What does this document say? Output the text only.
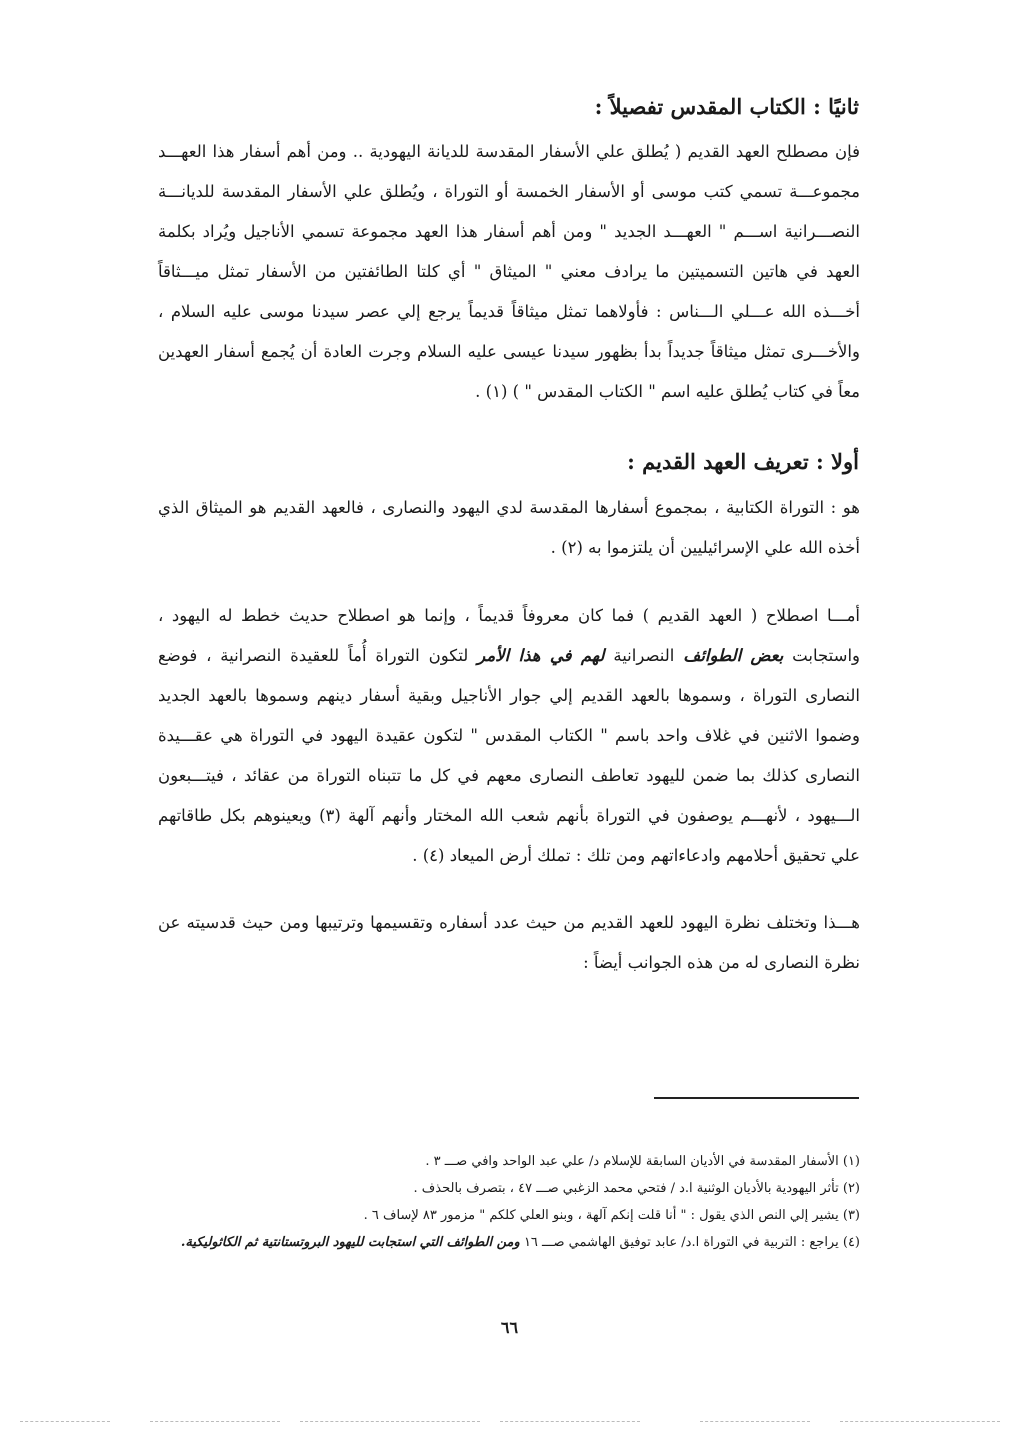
ثانيًا : الكتاب المقدس تفصيلاً :
فإن مصطلح العهد القديم ( يُطلق علي الأسفار المقدسة للديانة اليهودية .. ومن أهم أسفار هذا العهـــد مجموعـــة تسمي كتب موسى أو الأسفار الخمسة أو التوراة ، ويُطلق علي الأسفار المقدسة للديانـــة النصـــرانية اســـم " العهـــد الجديد " ومن أهم أسفار هذا العهد مجموعة تسمي الأناجيل ويُراد بكلمة العهد في هاتين التسميتين ما يرادف معني " الميثاق " أي كلتا الطائفتين من الأسفار تمثل ميـــثاقاً أخـــذه الله عـــلي الـــناس : فأولاهما تمثل ميثاقاً قديماً يرجع إلي عصر سيدنا موسى عليه السلام ، والأخـــرى تمثل ميثاقاً جديداً بدأ بظهور سيدنا عيسى عليه السلام وجرت العادة أن يُجمع أسفار العهدين معاً في كتاب يُطلق عليه اسم " الكتاب المقدس " ) (١) .
أولا : تعريف العهد القديم :
هو : التوراة الكتابية ، بمجموع أسفارها المقدسة لدي اليهود والنصارى ، فالعهد القديم هو الميثاق الذي أخذه الله علي الإسرائيليين أن يلتزموا به (٢) .
أمـــا اصطلاح ( العهد القديم ) فما كان معروفاً قديماً ، وإنما هو اصطلاح حديث خطط له اليهود ، واستجابت بعض الطوائف النصرانية لهم في هذا الأمر لتكون التوراة أُماً للعقيدة النصرانية ، فوضع النصارى التوراة ، وسموها بالعهد القديم إلي جوار الأناجيل وبقية أسفار دينهم وسموها بالعهد الجديد وضموا الاثنين في غلاف واحد باسم " الكتاب المقدس " لتكون عقيدة اليهود في التوراة هي عقـــيدة النصارى كذلك بما ضمن لليهود تعاطف النصارى معهم في كل ما تتبناه التوراة من عقائد ، فيتـــبعون الـــيهود ، لأنهـــم يوصفون في التوراة بأنهم شعب الله المختار وأنهم آلهة (٣) ويعينوهم بكل طاقاتهم علي تحقيق أحلامهم وادعاءاتهم ومن تلك : تملك أرض الميعاد (٤) .
هـــذا وتختلف نظرة اليهود للعهد القديم من حيث عدد أسفاره وتقسيمها وترتيبها ومن حيث قدسيته عن نظرة النصارى له من هذه الجوانب أيضاً :
(١) الأسفار المقدسة في الأديان السابقة للإسلام د/ علي عبد الواحد وافي صـــ ٣ .
(٢) تأثر اليهودية بالأديان الوثنية ا.د / فتحي محمد الزغبي صـــ ٤٧ ، بتصرف بالحذف .
(٣) يشير إلي النص الذي يقول : " أنا قلت إنكم آلهة ، وبنو العلي كلكم " مزمور ٨٣ لإساف ٦ .
(٤) يراجع : التربية في التوراة ا.د/ عابد توفيق الهاشمي صـــ ١٦ ومن الطوائف التي استجابت لليهود البروتستانتية ثم الكاثوليكية.
٦٦
